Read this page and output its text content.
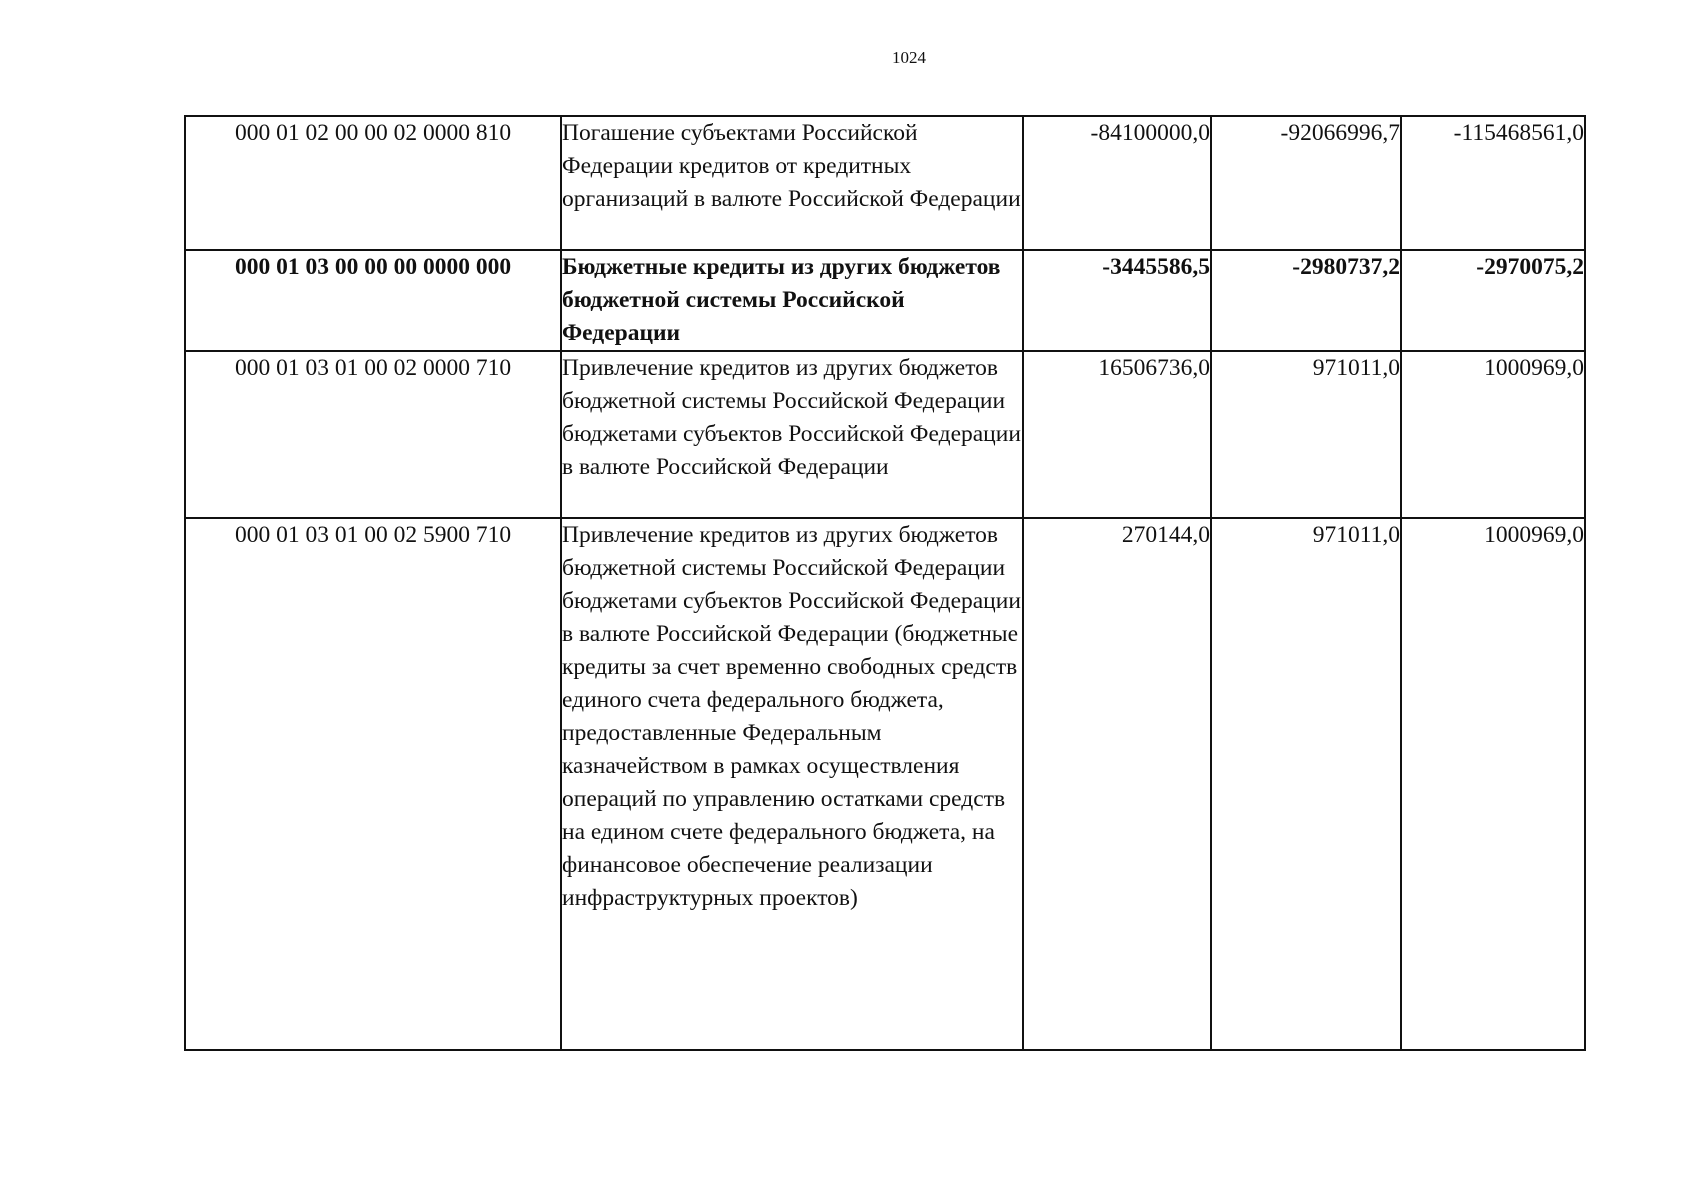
1024
000 01 02 00 00 02 0000 810	Погашение субъектами Российской Федерации кредитов от кредитных организаций в валюте Российской Федерации	-84100000,0	-92066996,7	-115468561,0
000 01 03 00 00 00 0000 000	Бюджетные кредиты из других бюджетов бюджетной системы Российской Федерации	-3445586,5	-2980737,2	-2970075,2
000 01 03 01 00 02 0000 710	Привлечение кредитов из других бюджетов бюджетной системы Российской Федерации бюджетами субъектов Российской Федерации в валюте Российской Федерации	16506736,0	971011,0	1000969,0
000 01 03 01 00 02 5900 710	Привлечение кредитов из других бюджетов бюджетной системы Российской Федерации бюджетами субъектов Российской Федерации в валюте Российской Федерации (бюджетные кредиты за счет временно свободных средств единого счета федерального бюджета, предоставленные Федеральным казначейством в рамках осуществления операций по управлению остатками средств на едином счете федерального бюджета, на финансовое обеспечение реализации инфраструктурных проектов)	270144,0	971011,0	1000969,0
